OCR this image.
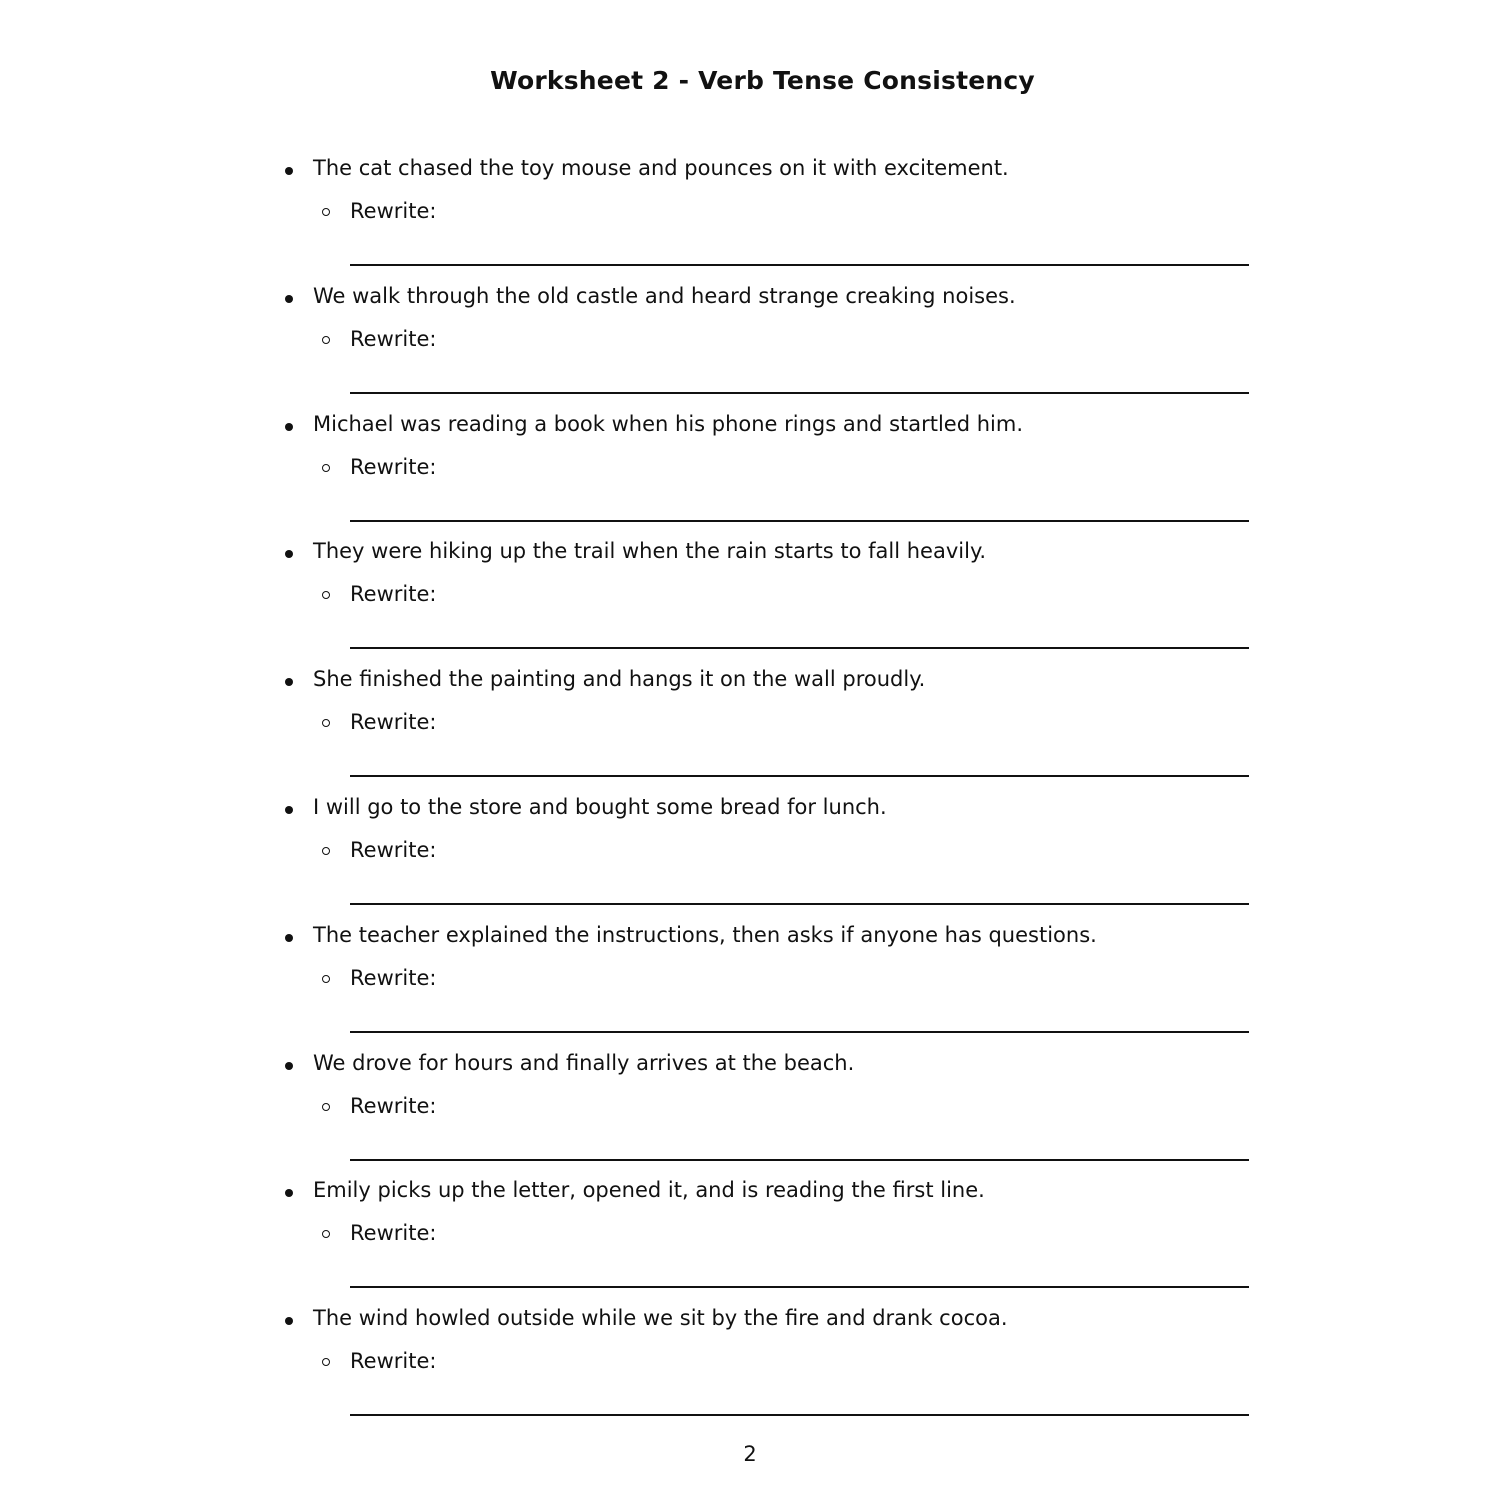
Worksheet 2 - Verb Tense Consistency
The cat chased the toy mouse and pounces on it with excitement.
Rewrite:
We walk through the old castle and heard strange creaking noises.
Rewrite:
Michael was reading a book when his phone rings and startled him.
Rewrite:
They were hiking up the trail when the rain starts to fall heavily.
Rewrite:
She finished the painting and hangs it on the wall proudly.
Rewrite:
I will go to the store and bought some bread for lunch.
Rewrite:
The teacher explained the instructions, then asks if anyone has questions.
Rewrite:
We drove for hours and finally arrives at the beach.
Rewrite:
Emily picks up the letter, opened it, and is reading the first line.
Rewrite:
The wind howled outside while we sit by the fire and drank cocoa.
Rewrite:
2
